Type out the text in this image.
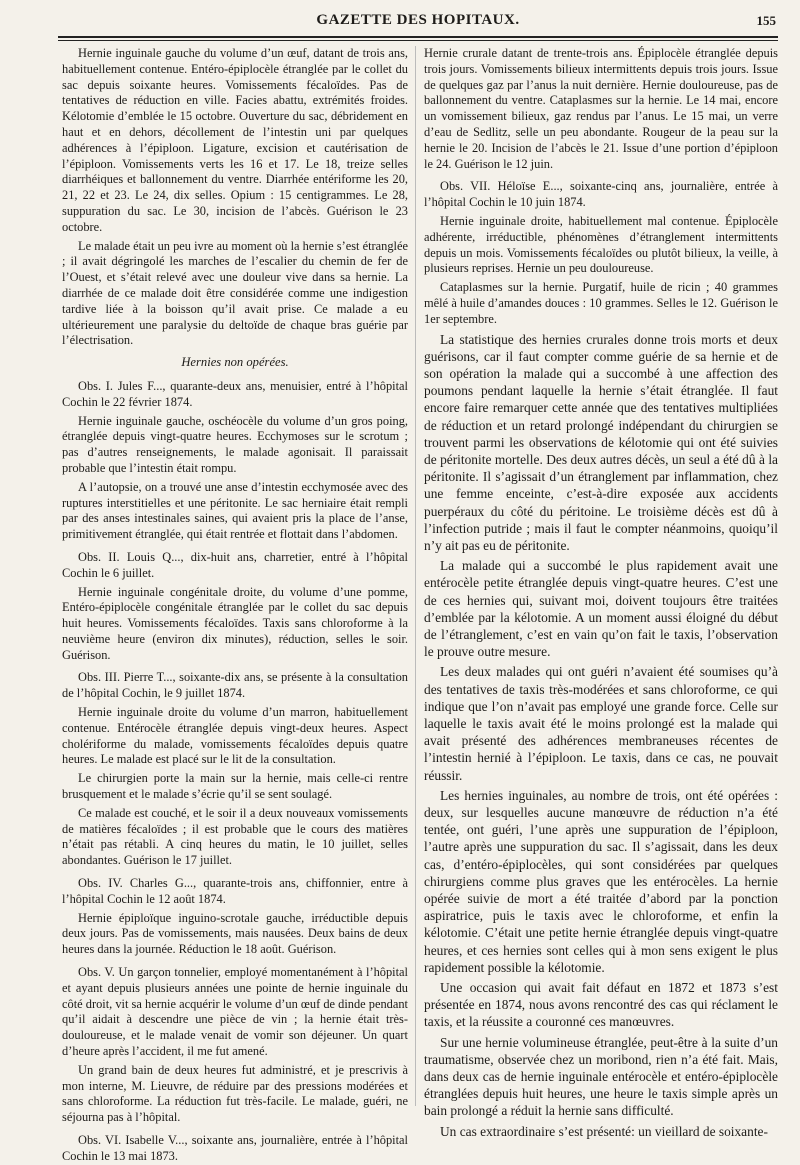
GAZETTE DES HOPITAUX.	155

Hernie inguinale gauche du volume d’un œuf, datant de trois ans, habituellement contenue. Entéro-épiplocèle étranglée par le collet du sac depuis soixante heures. Vomissements fécaloïdes. Pas de tentatives de réduction en ville. Facies abattu, extrémités froides. Kélotomie d’emblée le 15 octobre. Ouverture du sac, débridement en haut et en dehors, décollement de l’intestin uni par quelques adhérences à l’épiploon. Ligature, excision et cautérisation de l’épiploon. Vomissements verts les 16 et 17. Le 18, treize selles diarrhéiques et ballonnement du ventre. Diarrhée entériforme les 20, 21, 22 et 23. Le 24, dix selles. Opium : 15 centigrammes. Le 28, suppuration du sac. Le 30, incision de l’abcès. Guérison le 23 octobre.

Le malade était un peu ivre au moment où la hernie s’est étranglée ; il avait dégringolé les marches de l’escalier du chemin de fer de l’Ouest, et s’était relevé avec une douleur vive dans sa hernie. La diarrhée de ce malade doit être considérée comme une indigestion tardive liée à la boisson qu’il avait prise. Ce malade a eu ultérieurement une paralysie du deltoïde de chaque bras guérie par l’électrisation.

Hernies non opérées.

Obs. I. Jules F..., quarante-deux ans, menuisier, entré à l’hôpital Cochin le 22 février 1874.

Hernie inguinale gauche, oschéocèle du volume d’un gros poing, étranglée depuis vingt-quatre heures. Ecchymoses sur le scrotum ; pas d’autres renseignements, le malade agonisait. Il paraissait probable que l’intestin était rompu.

A l’autopsie, on a trouvé une anse d’intestin ecchymosée avec des ruptures interstitielles et une péritonite. Le sac herniaire était rempli par des anses intestinales saines, qui avaient pris la place de l’anse, primitivement étranglée, qui était rentrée et flottait dans l’abdomen.

Obs. II. Louis Q..., dix-huit ans, charretier, entré à l’hôpital Cochin le 6 juillet.

Hernie inguinale congénitale droite, du volume d’une pomme, Entéro-épiplocèle congénitale étranglée par le collet du sac depuis huit heures. Vomissements fécaloïdes. Taxis sans chloroforme à la neuvième heure (environ dix minutes), réduction, selles le soir. Guérison.

Obs. III. Pierre T..., soixante-dix ans, se présente à la consultation de l’hôpital Cochin, le 9 juillet 1874.

Hernie inguinale droite du volume d’un marron, habituellement contenue. Entérocèle étranglée depuis vingt-deux heures. Aspect cholériforme du malade, vomissements fécaloïdes depuis quatre heures. Le malade est placé sur le lit de la consultation.

Le chirurgien porte la main sur la hernie, mais celle-ci rentre brusquement et le malade s’écrie qu’il se sent soulagé.

Ce malade est couché, et le soir il a deux nouveaux vomissements de matières fécaloïdes ; il est probable que le cours des matières n’était pas rétabli. A cinq heures du matin, le 10 juillet, selles abondantes. Guérison le 17 juillet.

Obs. IV. Charles G..., quarante-trois ans, chiffonnier, entre à l’hôpital Cochin le 12 août 1874.

Hernie épiploïque inguino-scrotale gauche, irréductible depuis deux jours. Pas de vomissements, mais nausées. Deux bains de deux heures dans la journée. Réduction le 18 août. Guérison.

Obs. V. Un garçon tonnelier, employé momentanément à l’hôpital et ayant depuis plusieurs années une pointe de hernie inguinale du côté droit, vit sa hernie acquérir le volume d’un œuf de dinde pendant qu’il aidait à descendre une pièce de vin ; la hernie était très-douloureuse, et le malade venait de vomir son déjeuner. Un quart d’heure après l’accident, il me fut amené.

Un grand bain de deux heures fut administré, et je prescrivis à mon interne, M. Lieuvre, de réduire par des pressions modérées et sans chloroforme. La réduction fut très-facile. Le malade, guéri, ne séjourna pas à l’hôpital.

Obs. VI. Isabelle V..., soixante ans, journalière, entrée à l’hôpital Cochin le 13 mai 1873.

Hernie crurale datant de trente-trois ans. Épiplocèle étranglée depuis trois jours. Vomissements bilieux intermittents depuis trois jours. Issue de quelques gaz par l’anus la nuit dernière. Hernie douloureuse, pas de ballonnement du ventre. Cataplasmes sur la hernie. Le 14 mai, encore un vomissement bilieux, gaz rendus par l’anus. Le 15 mai, un verre d’eau de Sedlitz, selle un peu abondante. Rougeur de la peau sur la hernie le 20. Incision de l’abcès le 21. Issue d’une portion d’épiploon le 24. Guérison le 12 juin.

Obs. VII. Héloïse E..., soixante-cinq ans, journalière, entrée à l’hôpital Cochin le 10 juin 1874.

Hernie inguinale droite, habituellement mal contenue. Épiplocèle adhérente, irréductible, phénomènes d’étranglement intermittents depuis un mois. Vomissements fécaloïdes ou plutôt bilieux, la veille, à plusieurs reprises. Hernie un peu douloureuse.

Cataplasmes sur la hernie. Purgatif, huile de ricin ; 40 grammes mêlé à huile d’amandes douces : 10 grammes. Selles le 12. Guérison le 1er septembre.

La statistique des hernies crurales donne trois morts et deux guérisons, car il faut compter comme guérie de sa hernie et de son opération la malade qui a succombé à une affection des poumons pendant laquelle la hernie s’était étranglée. Il faut encore faire remarquer cette année que des tentatives multipliées de réduction et un retard prolongé indépendant du chirurgien se trouvent parmi les observations de kélotomie qui ont été suivies de péritonite mortelle. Des deux autres décès, un seul a été dû à la péritonite. Il s’agissait d’un étranglement par inflammation, chez une femme enceinte, c’est-à-dire exposée aux accidents puerpéraux du côté du péritoine. Le troisième décès est dû à l’infection putride ; mais il faut le compter néanmoins, quoiqu’il n’y ait pas eu de péritonite.

La malade qui a succombé le plus rapidement avait une entérocèle petite étranglée depuis vingt-quatre heures. C’est une de ces hernies qui, suivant moi, doivent toujours être traitées d’emblée par la kélotomie. A un moment aussi éloigné du début de l’étranglement, c’est en vain qu’on fait le taxis, l’observation le prouve outre mesure.

Les deux malades qui ont guéri n’avaient été soumises qu’à des tentatives de taxis très-modérées et sans chloroforme, ce qui indique que l’on n’avait pas employé une grande force. Celle sur laquelle le taxis avait été le moins prolongé est la malade qui avait présenté des adhérences membraneuses récentes de l’intestin hernié à l’épiploon. Le taxis, dans ce cas, ne pouvait réussir.

Les hernies inguinales, au nombre de trois, ont été opérées : deux, sur lesquelles aucune manœuvre de réduction n’a été tentée, ont guéri, l’une après une suppuration de l’épiploon, l’autre après une suppuration du sac. Il s’agissait, dans les deux cas, d’entéro-épiplocèles, qui sont considérées par quelques chirurgiens comme plus graves que les entérocèles. La hernie opérée suivie de mort a été traitée d’abord par la ponction aspiratrice, puis le taxis avec le chloroforme, et enfin la kélotomie. C’était une petite hernie étranglée depuis vingt-quatre heures, et ces hernies sont celles qui à mon sens exigent le plus rapidement possible la kélotomie.

Une occasion qui avait fait défaut en 1872 et 1873 s’est présentée en 1874, nous avons rencontré des cas qui réclament le taxis, et la réussite a couronné ces manœuvres.

Sur une hernie volumineuse étranglée, peut-être à la suite d’un traumatisme, observée chez un moribond, rien n’a été fait. Mais, dans deux cas de hernie inguinale entérocèle et entéro-épiplocèle étranglées depuis huit heures, une heure le taxis simple après un bain prolongé a réduit la hernie sans difficulté.

Un cas extraordinaire s’est présenté: un vieillard de soixante-
